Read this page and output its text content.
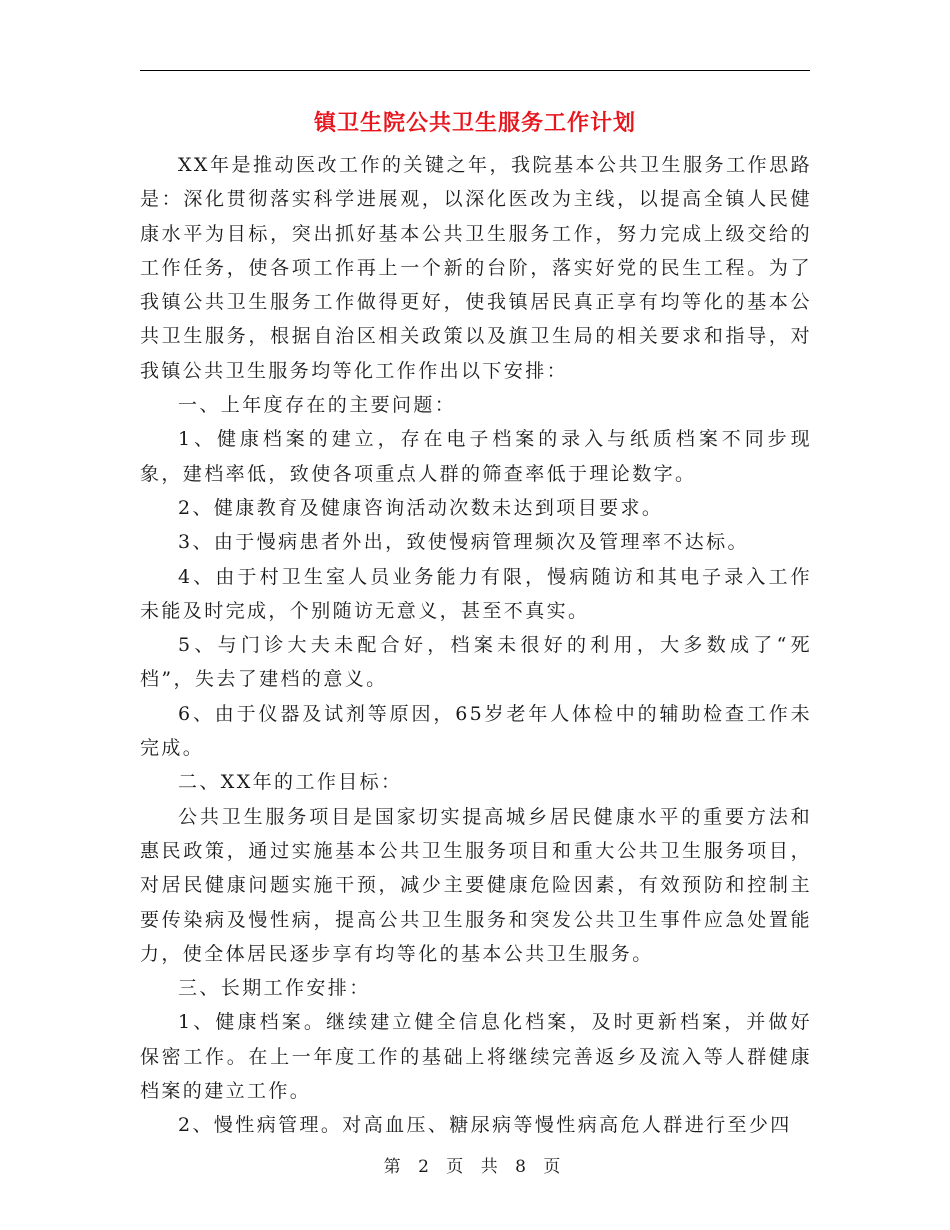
镇卫生院公共卫生服务工作计划

XX年是推动医改工作的关键之年，我院基本公共卫生服务工作思路是：深化贯彻落实科学进展观，以深化医改为主线，以提高全镇人民健康水平为目标，突出抓好基本公共卫生服务工作，努力完成上级交给的工作任务，使各项工作再上一个新的台阶，落实好党的民生工程。为了我镇公共卫生服务工作做得更好，使我镇居民真正享有均等化的基本公共卫生服务，根据自治区相关政策以及旗卫生局的相关要求和指导，对我镇公共卫生服务均等化工作作出以下安排：

一、上年度存在的主要问题：

1、健康档案的建立，存在电子档案的录入与纸质档案不同步现象，建档率低，致使各项重点人群的筛查率低于理论数字。

2、健康教育及健康咨询活动次数未达到项目要求。

3、由于慢病患者外出，致使慢病管理频次及管理率不达标。

4、由于村卫生室人员业务能力有限，慢病随访和其电子录入工作未能及时完成，个别随访无意义，甚至不真实。

5、与门诊大夫未配合好，档案未很好的利用，大多数成了“死档”，失去了建档的意义。

6、由于仪器及试剂等原因，65岁老年人体检中的辅助检查工作未完成。

二、XX年的工作目标：

公共卫生服务项目是国家切实提高城乡居民健康水平的重要方法和惠民政策，通过实施基本公共卫生服务项目和重大公共卫生服务项目，对居民健康问题实施干预，减少主要健康危险因素，有效预防和控制主要传染病及慢性病，提高公共卫生服务和突发公共卫生事件应急处置能力，使全体居民逐步享有均等化的基本公共卫生服务。

三、长期工作安排：

1、健康档案。继续建立健全信息化档案，及时更新档案，并做好保密工作。在上一年度工作的基础上将继续完善返乡及流入等人群健康档案的建立工作。

2、慢性病管理。对高血压、糖尿病等慢性病高危人群进行至少四

第 2 页 共 8 页
